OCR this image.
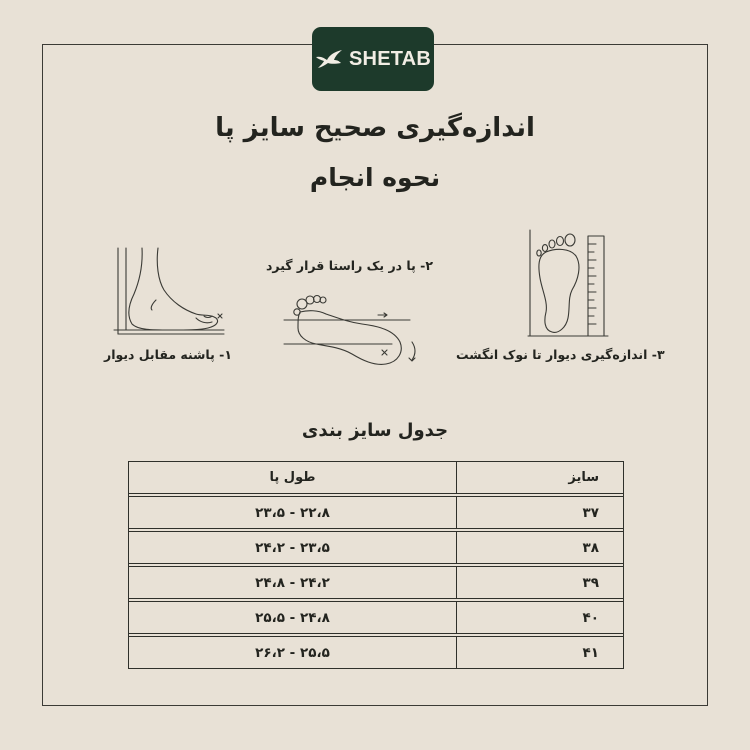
SHETAB
اندازه‌گیری صحیح سایز پا
نحوه انجام
۱- پاشنه مقابل دیوار
۲- پا در یک راستا قرار گیرد
۳- اندازه‌گیری دیوار تا نوک انگشت
جدول سایز بندی
سایز	طول پا

۳۷	۲۲،۸ - ۲۳،۵

۳۸	۲۳،۵ - ۲۴،۲

۳۹	۲۴،۲ - ۲۴،۸

۴۰	۲۴،۸ - ۲۵،۵

۴۱	۲۵،۵ - ۲۶،۲
